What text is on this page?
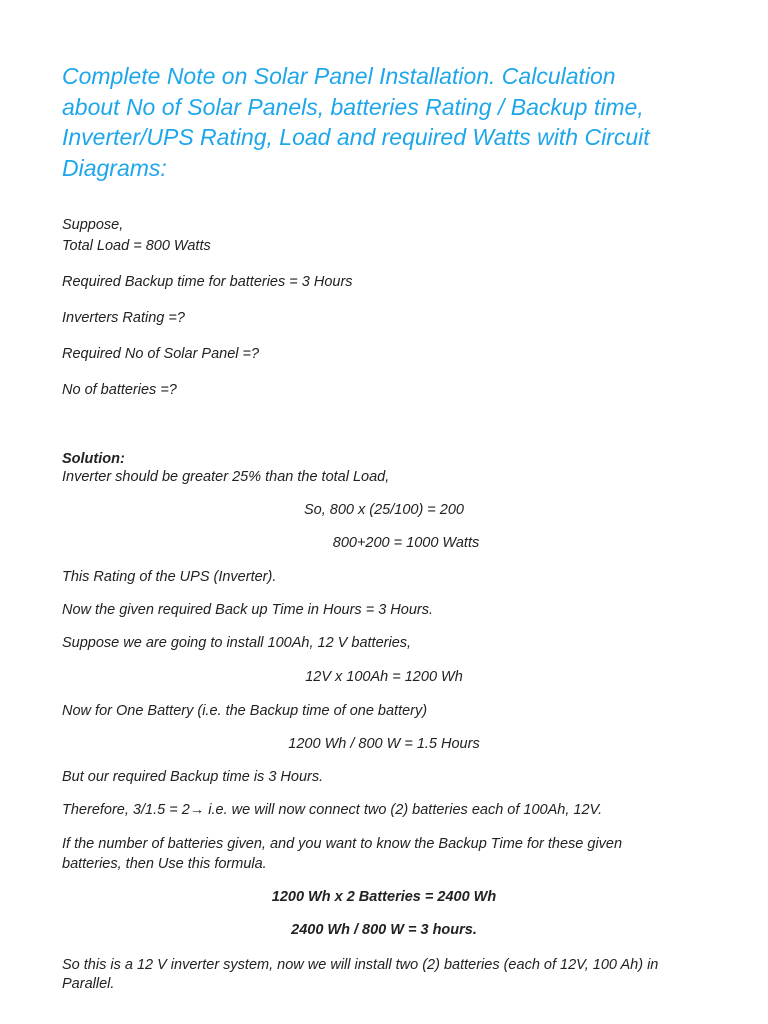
Complete Note on Solar Panel Installation. Calculation
about No of Solar Panels, batteries Rating / Backup time,
Inverter/UPS Rating, Load and required Watts with Circuit
Diagrams:

Suppose,

Total Load = 800 Watts

Required Backup time for batteries = 3 Hours

Inverters Rating =?

Required No of Solar Panel =?

No of batteries =?

Solution:

Inverter should be greater 25% than the total Load,

So, 800 x (25/100) = 200

800+200 = 1000 Watts

This Rating of the UPS (Inverter).

Now the given required Back up Time in Hours = 3 Hours.

Suppose we are going to install 100Ah, 12 V batteries,

12V x 100Ah = 1200 Wh

Now for One Battery (i.e. the Backup time of one battery)

1200 Wh / 800 W = 1.5 Hours

But our required Backup time is 3 Hours.

Therefore, 3/1.5 = 2→ i.e. we will now connect two (2) batteries each of 100Ah, 12V.

If the number of batteries given, and you want to know the Backup Time for these given

batteries, then Use this formula.

1200 Wh x 2 Batteries = 2400 Wh

2400 Wh / 800 W = 3 hours.

So this is a 12 V inverter system, now we will install two (2) batteries (each of 12V, 100 Ah) in

Parallel.
